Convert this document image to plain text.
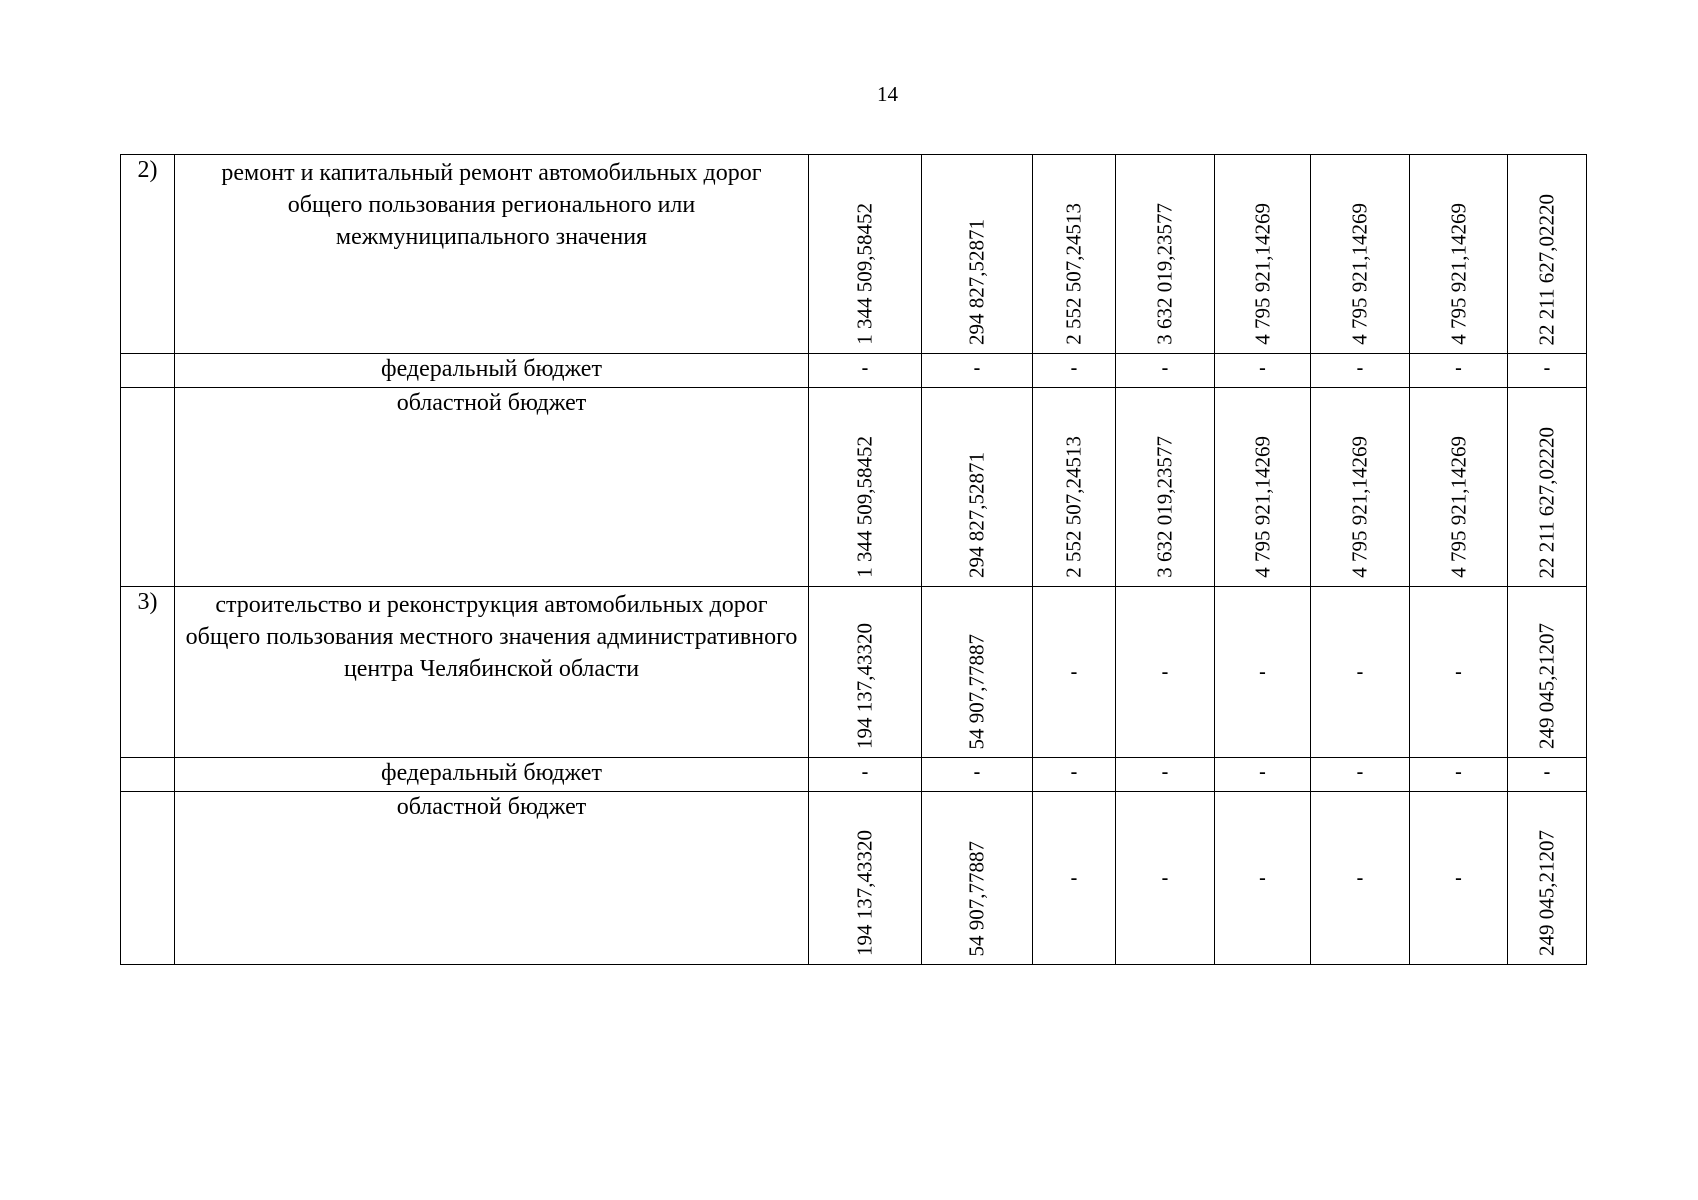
14
2)	ремонт и капитальный ремонт автомобильных дорог общего пользования регионального или межмуниципального значения	1 344 509,58452	294 827,52871	2 552 507,24513	3 632 019,23577	4 795 921,14269	4 795 921,14269	4 795 921,14269	22 211 627,02220

	федеральный бюджет	-	-	-	-	-	-	-	-

	областной бюджет	1 344 509,58452	294 827,52871	2 552 507,24513	3 632 019,23577	4 795 921,14269	4 795 921,14269	4 795 921,14269	22 211 627,02220

3)	строительство и реконструкция автомобильных дорог общего пользования местного значения административного центра Челябинской области	194 137,43320	54 907,77887	-	-	-	-	-	249 045,21207

	федеральный бюджет	-	-	-	-	-	-	-	-

	областной бюджет	194 137,43320	54 907,77887	-	-	-	-	-	249 045,21207
